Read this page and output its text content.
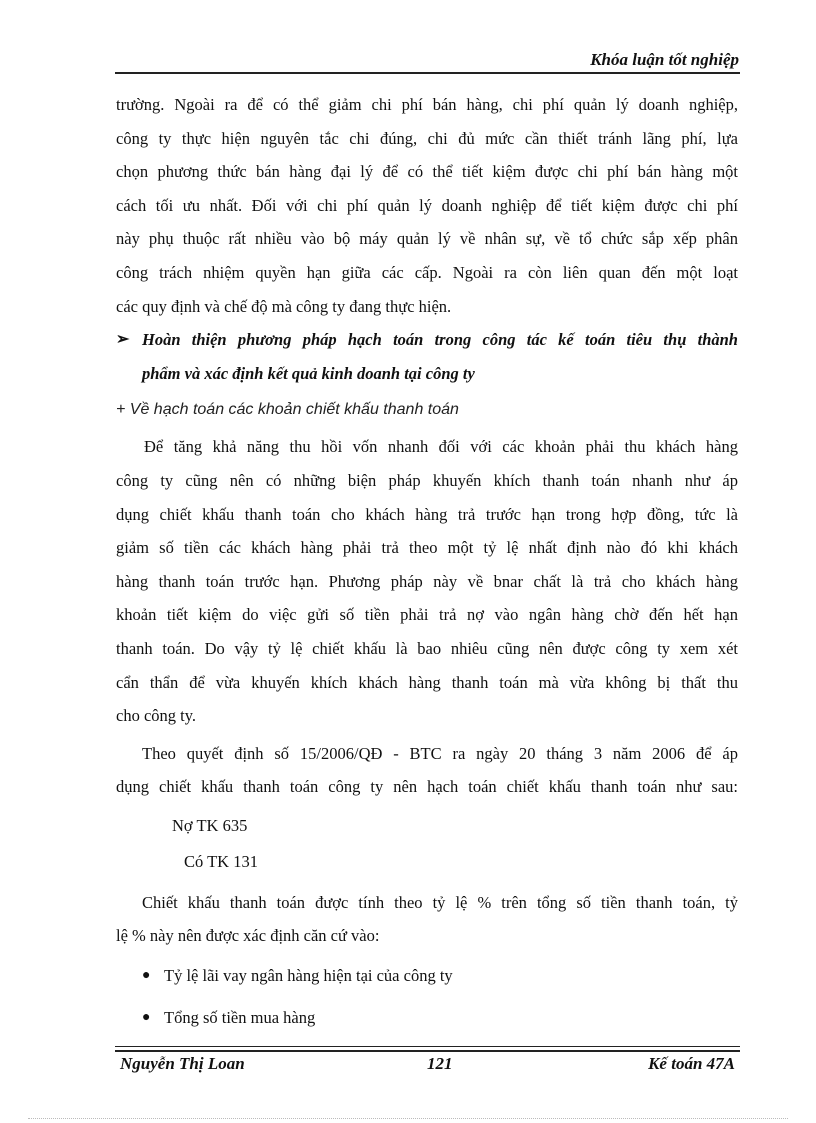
Khóa luận tốt nghiệp
trường. Ngoài ra để có thể giảm chi phí bán hàng, chi phí quản lý doanh nghiệp,
công ty thực hiện nguyên tắc chi đúng, chi đủ mức cần thiết tránh lãng phí, lựa
chọn phương thức bán hàng đại lý để có thể tiết kiệm được chi phí bán hàng một
cách tối ưu nhất. Đối với chi phí quản lý doanh nghiệp để tiết kiệm được chi phí
này phụ thuộc rất nhiều vào bộ máy quản lý về nhân sự, về tổ chức sắp xếp phân
công trách nhiệm quyền hạn giữa các cấp. Ngoài ra còn liên quan đến một loạt
các quy định và chế độ mà công ty đang thực hiện.
➢ Hoàn thiện phương pháp hạch toán trong công tác kế toán tiêu thụ thành
phẩm và xác định kết quả kinh doanh tại công ty
+ Về hạch toán các khoản chiết khấu thanh toán
Để tăng khả năng thu hồi vốn nhanh đối với các khoản phải thu khách hàng
công ty cũng nên có những biện pháp khuyến khích thanh toán nhanh như áp
dụng chiết khấu thanh toán cho khách hàng trả trước hạn trong hợp đồng, tức là
giảm số tiền các khách hàng phải trả theo một tỷ lệ nhất định nào đó khi khách
hàng thanh toán trước hạn. Phương pháp này về bnar chất là trả cho khách hàng
khoản tiết kiệm do việc gửi số tiền phải trả nợ vào ngân hàng chờ đến hết hạn
thanh toán. Do vậy tỷ lệ chiết khấu là bao nhiêu cũng nên được công ty xem xét
cẩn thẩn để vừa khuyến khích khách hàng thanh toán mà vừa không bị thất thu
cho công ty.
Theo quyết định số 15/2006/QĐ - BTC ra ngày 20 tháng 3 năm 2006 để áp
dụng chiết khấu thanh toán công ty nên hạch toán chiết khấu thanh toán như sau:
Nợ TK 635
Có TK 131
Chiết khấu thanh toán được tính theo tỷ lệ % trên tổng số tiền thanh toán, tỷ
lệ % này nên được xác định căn cứ vào:
● Tỷ lệ lãi vay ngân hàng hiện tại của công ty
● Tổng số tiền mua hàng
Nguyễn Thị Loan	121	Kế toán 47A
